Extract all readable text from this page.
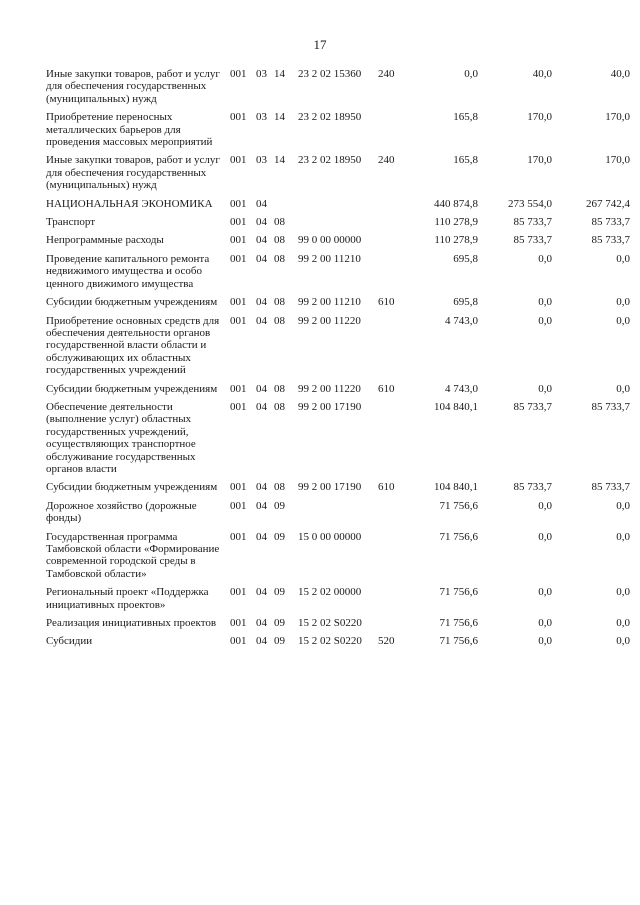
17
Иные закупки товаров, работ и услуг для обеспечения государственных (муниципальных) нужд	001	03	14	23 2 02 15360	240	0,0	40,0	40,0
Приобретение переносных металлических барьеров для проведения массовых мероприятий	001	03	14	23 2 02 18950		165,8	170,0	170,0
Иные закупки товаров, работ и услуг для обеспечения государственных (муниципальных) нужд	001	03	14	23 2 02 18950	240	165,8	170,0	170,0
НАЦИОНАЛЬНАЯ ЭКОНОМИКА	001	04				440 874,8	273 554,0	267 742,4
Транспорт	001	04	08			110 278,9	85 733,7	85 733,7
Непрограммные расходы	001	04	08	99 0 00 00000		110 278,9	85 733,7	85 733,7
Проведение капитального ремонта недвижимого имущества и особо ценного движимого имущества	001	04	08	99 2 00 11210		695,8	0,0	0,0
Субсидии бюджетным учреждениям	001	04	08	99 2 00 11210	610	695,8	0,0	0,0
Приобретение основных средств для обеспечения деятельности органов государственной власти области и обслуживающих их областных государственных учреждений	001	04	08	99 2 00 11220		4 743,0	0,0	0,0
Субсидии бюджетным учреждениям	001	04	08	99 2 00 11220	610	4 743,0	0,0	0,0
Обеспечение деятельности (выполнение услуг) областных государственных учреждений, осуществляющих транспортное обслуживание государственных органов власти	001	04	08	99 2 00 17190		104 840,1	85 733,7	85 733,7
Субсидии бюджетным учреждениям	001	04	08	99 2 00 17190	610	104 840,1	85 733,7	85 733,7
Дорожное хозяйство (дорожные фонды)	001	04	09			71 756,6	0,0	0,0
Государственная программа Тамбовской области «Формирование современной городской среды в Тамбовской области»	001	04	09	15 0 00 00000		71 756,6	0,0	0,0
Региональный проект «Поддержка инициативных проектов»	001	04	09	15 2 02 00000		71 756,6	0,0	0,0
Реализация инициативных проектов	001	04	09	15 2 02 S0220		71 756,6	0,0	0,0
Субсидии	001	04	09	15 2 02 S0220	520	71 756,6	0,0	0,0
